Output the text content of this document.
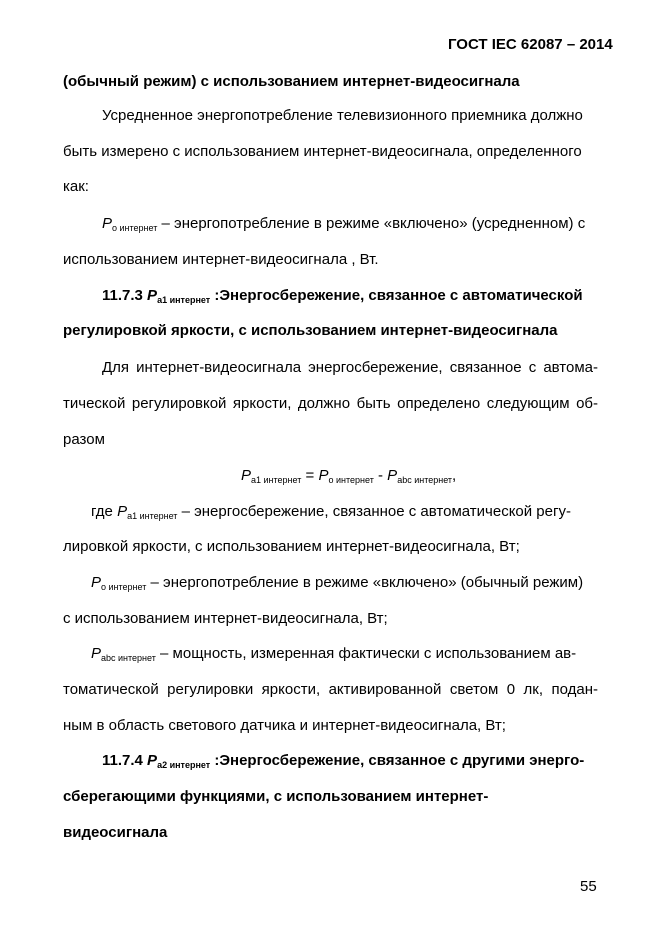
ГОСТ IEC 62087 – 2014
(обычный режим) с использованием интернет-видеосигнала
Усредненное энергопотребление телевизионного приемника должно
быть измерено с использованием интернет-видеосигнала, определенного
как:
$P_{о интернет}$ – энергопотребление в режиме «включено» (усредненном) с
использованием интернет-видеосигнала , Вт.
11.7.3 $P_{a1 интернет}$ :Энергосбережение, связанное с автоматической
регулировкой яркости, с использованием интернет-видеосигнала
Для интернет-видеосигнала энергосбережение, связанное с автома-
тической регулировкой яркости, должно быть определено следующим об-
разом
$P_{a1 интернет} = P_{о интернет} - P_{abc интернет}$,
где $P_{a1 интернет}$ – энергосбережение, связанное с автоматической регу-
лировкой яркости, с использованием интернет-видеосигнала, Вт;
$P_{о интернет}$ – энергопотребление в режиме «включено» (обычный режим)
с использованием интернет-видеосигнала, Вт;
$P_{abc интернет}$ – мощность, измеренная фактически с использованием ав-
томатической регулировки яркости, активированной светом 0 лк, подан-
ным в область светового датчика и интернет-видеосигнала, Вт;
11.7.4 $P_{a2 интернет}$ :Энергосбережение, связанное с другими энерго-
сберегающими функциями, с использованием интернет-
видеосигнала
55
